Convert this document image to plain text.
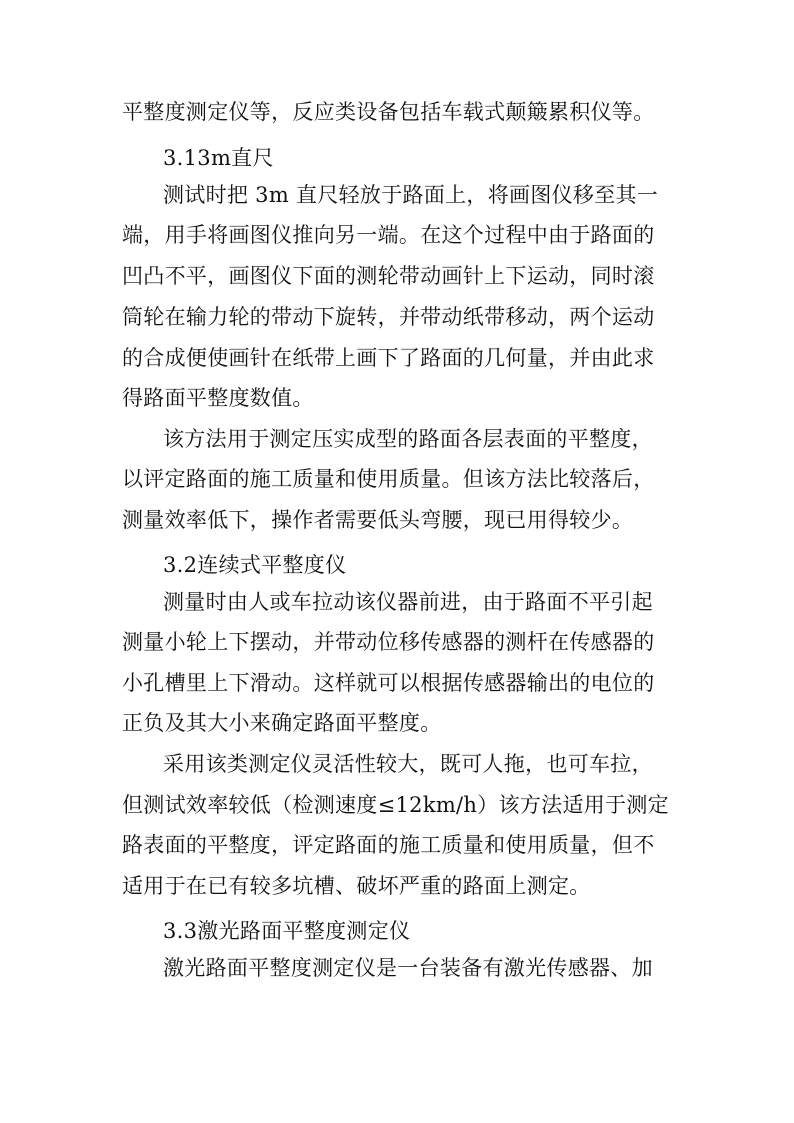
平整度测定仪等，反应类设备包括车载式颠簸累积仪等。
3.13m直尺
测试时把 3m 直尺轻放于路面上，将画图仪移至其一
端，用手将画图仪推向另一端。在这个过程中由于路面的
凹凸不平，画图仪下面的测轮带动画针上下运动，同时滚
筒轮在输力轮的带动下旋转，并带动纸带移动，两个运动
的合成便使画针在纸带上画下了路面的几何量，并由此求
得路面平整度数值。
该方法用于测定压实成型的路面各层表面的平整度，
以评定路面的施工质量和使用质量。但该方法比较落后，
测量效率低下，操作者需要低头弯腰，现已用得较少。
3.2连续式平整度仪
测量时由人或车拉动该仪器前进，由于路面不平引起
测量小轮上下摆动，并带动位移传感器的测杆在传感器的
小孔槽里上下滑动。这样就可以根据传感器输出的电位的
正负及其大小来确定路面平整度。
采用该类测定仪灵活性较大，既可人拖，也可车拉，
但测试效率较低（检测速度≤12km/h）该方法适用于测定
路表面的平整度，评定路面的施工质量和使用质量，但不
适用于在已有较多坑槽、破坏严重的路面上测定。
3.3激光路面平整度测定仪
激光路面平整度测定仪是一台装备有激光传感器、加
